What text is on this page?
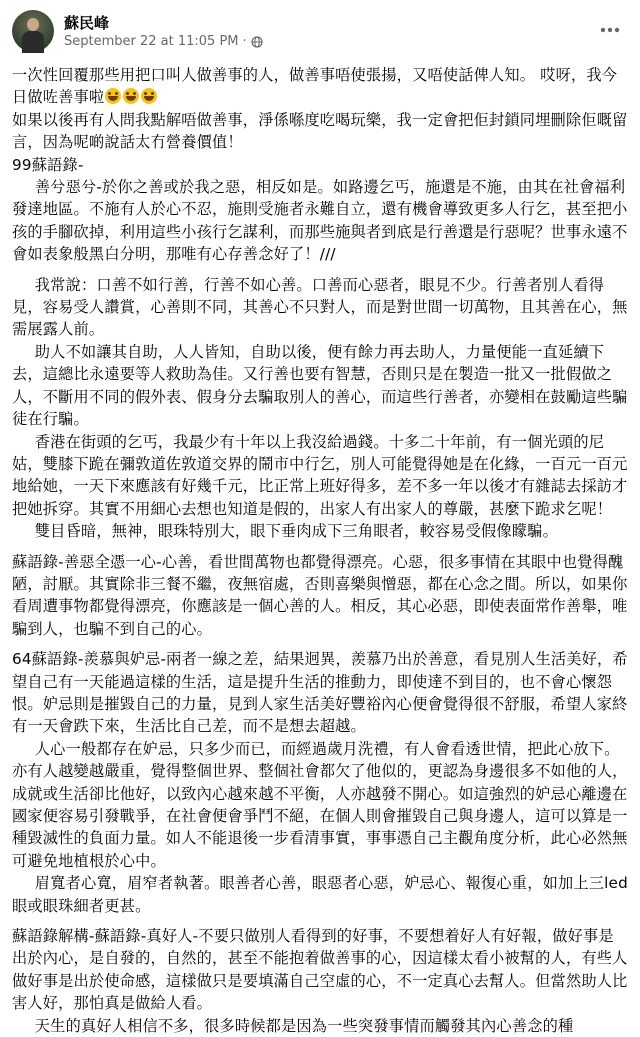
蘇民峰
September 22 at 11:05 PM ·

一次性回覆那些用把口叫人做善事的人，做善事唔使張揚，又唔使話俾人知。 哎呀，我今日做咗善事啦

如果以後再有人問我點解唔做善事，淨係喺度吃喝玩樂，我一定會把佢封鎖同埋刪除佢嘅留言，因為呢啲說話太冇營養價值！

99蘇語錄-

善兮惡兮-於你之善或於我之惡，相反如是。如路邊乞丐，施還是不施，由其在社會福利發達地區。不施有人於心不忍，施則受施者永難自立，還有機會導致更多人行乞，甚至把小孩的手腳砍掉，利用這些小孩行乞謀利，而那些施與者到底是行善還是行惡呢？世事永遠不會如表象般黑白分明，那唯有心存善念好了！///

我常說：口善不如行善，行善不如心善。口善而心惡者，眼見不少。行善者別人看得見，容易受人讚賞，心善則不同，其善心不只對人，而是對世間一切萬物，且其善在心，無需展露人前。

助人不如讓其自助，人人皆知，自助以後，便有餘力再去助人，力量便能一直延續下去，這總比永遠要等人救助為佳。又行善也要有智慧，否則只是在製造一批又一批假做之人，不斷用不同的假外表、假身分去騙取別人的善心，而這些行善者，亦變相在鼓勵這些騙徒在行騙。

香港在街頭的乞丐，我最少有十年以上我沒給過錢。十多二十年前，有一個光頭的尼姑，雙膝下跪在彌敦道佐敦道交界的鬧市中行乞，別人可能覺得她是在化緣，一百元一百元地給她，一天下來應該有好幾千元，比正常上班好得多，差不多一年以後才有雜誌去採訪才把她拆穿。其實不用細心去想也知道是假的，出家人有出家人的尊嚴，甚麼下跪求乞呢！

雙目昏暗，無神，眼珠特別大，眼下垂肉成下三角眼者，較容易受假像矇騙。

蘇語錄-善惡全憑一心-心善，看世間萬物也都覺得漂亮。心惡，很多事情在其眼中也覺得醜陋，討厭。其實除非三餐不繼，夜無宿處，否則喜樂與憎惡，都在心念之間。所以，如果你看周遭事物都覺得漂亮，你應該是一個心善的人。相反，其心必惡，即使表面常作善舉，唯騙到人，也騙不到自己的心。

64蘇語錄-羨慕與妒忌-兩者一線之差，結果迥異，羨慕乃出於善意，看見別人生活美好，希望自己有一天能過這樣的生活，這是提升生活的推動力，即使達不到目的，也不會心懷怨恨。妒忌則是摧毀自己的力量，見到人家生活美好豐裕內心便會覺得很不舒服，希望人家終有一天會跌下來，生活比自己差，而不是想去超越。

人心一般都存在妒忌，只多少而已，而經過歲月洗禮，有人會看透世情，把此心放下。亦有人越變越嚴重，覺得整個世界、整個社會都欠了他似的，更認為身邊很多不如他的人，成就或生活卻比他好，以致內心越來越不平衡，人亦越發不開心。如這強烈的妒忌心離邊在國家便容易引發戰爭，在社會便會爭鬥不絕，在個人則會摧毀自己與身邊人，這可以算是一種毀滅性的負面力量。如人不能退後一步看清事實，事事憑自己主觀角度分析，此心必然無可避免地植根於心中。

眉寬者心寬，眉窄者執著。眼善者心善，眼惡者心惡，妒忌心、報復心重，如加上三led眼或眼珠細者更甚。

蘇語錄解構-蘇語錄-真好人-不要只做別人看得到的好事，不要想着好人有好報，做好事是出於內心，是自發的，自然的，甚至不能抱着做善事的心，因這樣太看小被幫的人，有些人做好事是出於使命感，這樣做只是要填滿自己空虛的心，不一定真心去幫人。但當然助人比害人好，那怕真是做給人看。

天生的真好人相信不多，很多時候都是因為一些突發事情而觸發其內心善念的種
